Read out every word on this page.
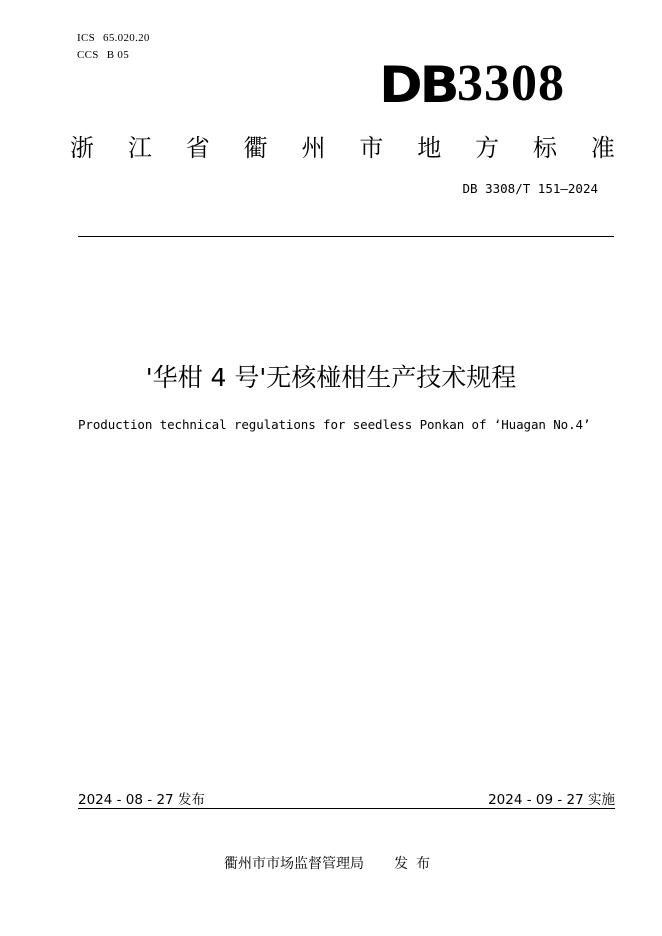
ICS 65.020.20
CCS B 05
DB 3308
浙 江 省 衢 州 市 地 方 标 准
DB 3308/T 151—2024
'华柑 4 号'无核椪柑生产技术规程
Production technical regulations for seedless Ponkan of ‘Huagan No.4’
2024 - 08 - 27 发布	2024 - 09 - 27 实施
衢州市市场监督管理局 发布
